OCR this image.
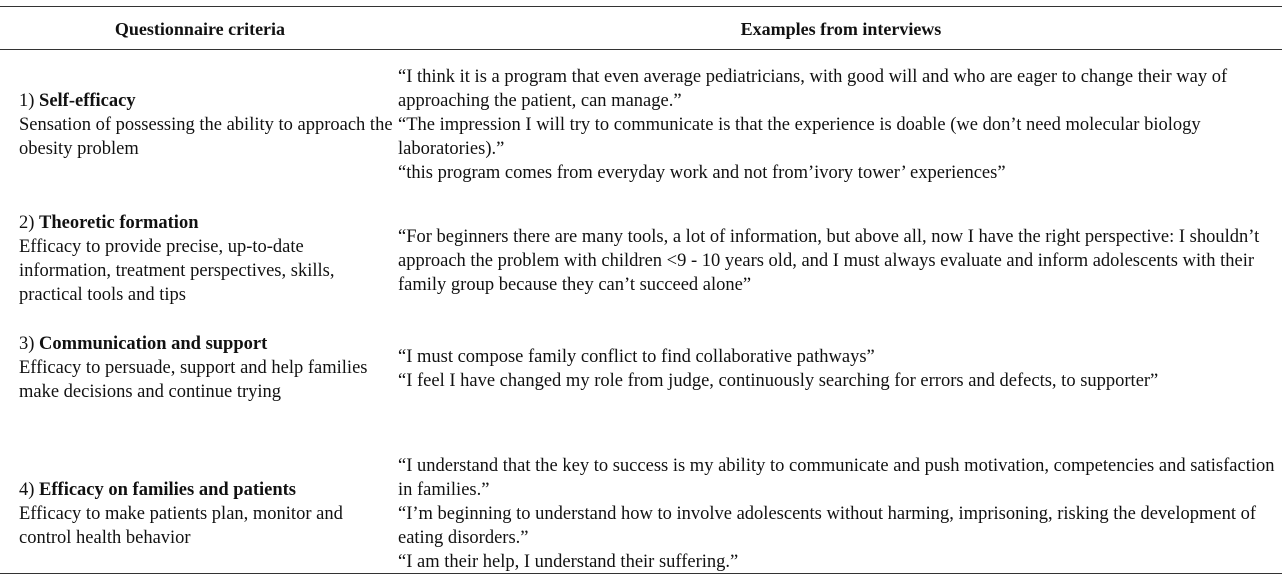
Questionnaire criteria	Examples from interviews
1) Self-efficacy
Sensation of possessing the ability to approach the obesity problem
“I think it is a program that even average pediatricians, with good will and who are eager to change their way of approaching the patient, can manage.”
“The impression I will try to communicate is that the experience is doable (we don’t need molecular biology laboratories).”
“this program comes from everyday work and not from’ivory tower’ experiences”
2) Theoretic formation
Efficacy to provide precise, up-to-date information, treatment perspectives, skills, practical tools and tips
“For beginners there are many tools, a lot of information, but above all, now I have the right perspective: I shouldn’t approach the problem with children <9 - 10 years old, and I must always evaluate and inform adolescents with their family group because they can’t succeed alone”
3) Communication and support
Efficacy to persuade, support and help families make decisions and continue trying
“I must compose family conflict to find collaborative pathways”
“I feel I have changed my role from judge, continuously searching for errors and defects, to supporter”
4) Efficacy on families and patients
Efficacy to make patients plan, monitor and control health behavior
“I understand that the key to success is my ability to communicate and push motivation, competencies and satisfaction in families.”
“I’m beginning to understand how to involve adolescents without harming, imprisoning, risking the development of eating disorders.”
“I am their help, I understand their suffering.”
